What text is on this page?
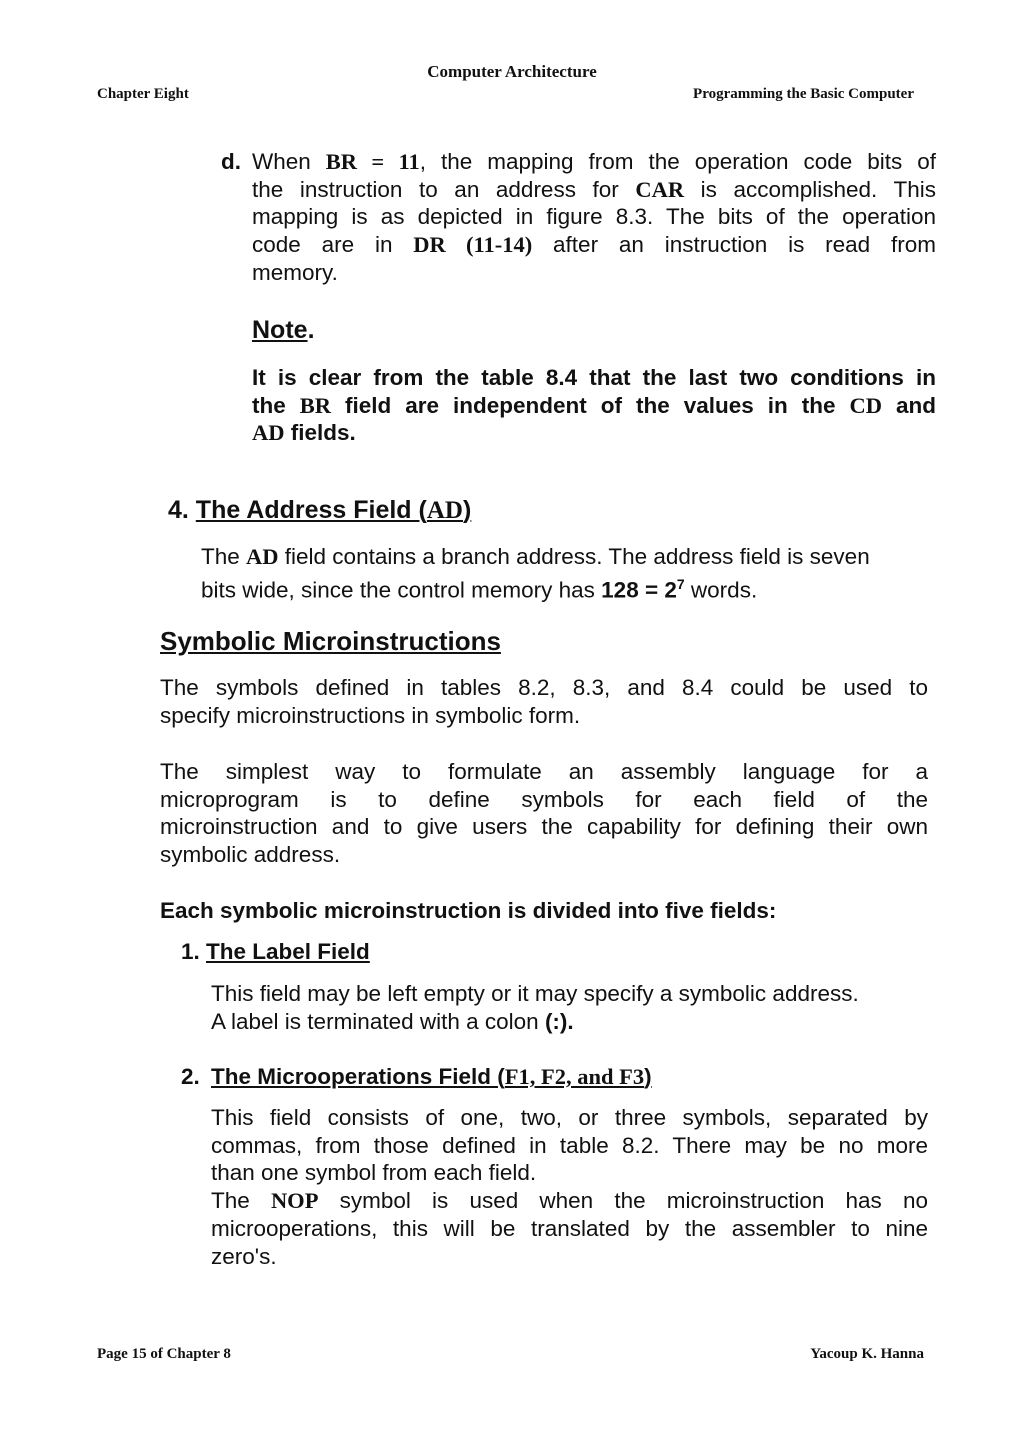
Computer Architecture
Chapter Eight	Programming the Basic Computer
d. When BR = 11, the mapping from the operation code bits of
the instruction to an address for CAR is accomplished. This
mapping is as depicted in figure 8.3. The bits of the operation
code are in DR (11-14) after an instruction is read from
memory.
Note.
It is clear from the table 8.4 that the last two conditions in
the BR field are independent of the values in the CD and
AD fields.
4. The Address Field (AD)
The AD field contains a branch address. The address field is seven
bits wide, since the control memory has $128 = 2^7$ words.
Symbolic Microinstructions
The symbols defined in tables 8.2, 8.3, and 8.4 could be used to
specify microinstructions in symbolic form.
The simplest way to formulate an assembly language for a
microprogram is to define symbols for each field of the
microinstruction and to give users the capability for defining their own
symbolic address.
Each symbolic microinstruction is divided into five fields:
1. The Label Field
This field may be left empty or it may specify a symbolic address.
A label is terminated with a colon (:).
2. The Microoperations Field (F1, F2, and F3)
This field consists of one, two, or three symbols, separated by
commas, from those defined in table 8.2. There may be no more
than one symbol from each field.
The NOP symbol is used when the microinstruction has no
microoperations, this will be translated by the assembler to nine
zero's.
Page 15 of Chapter 8	Yacoup K. Hanna
